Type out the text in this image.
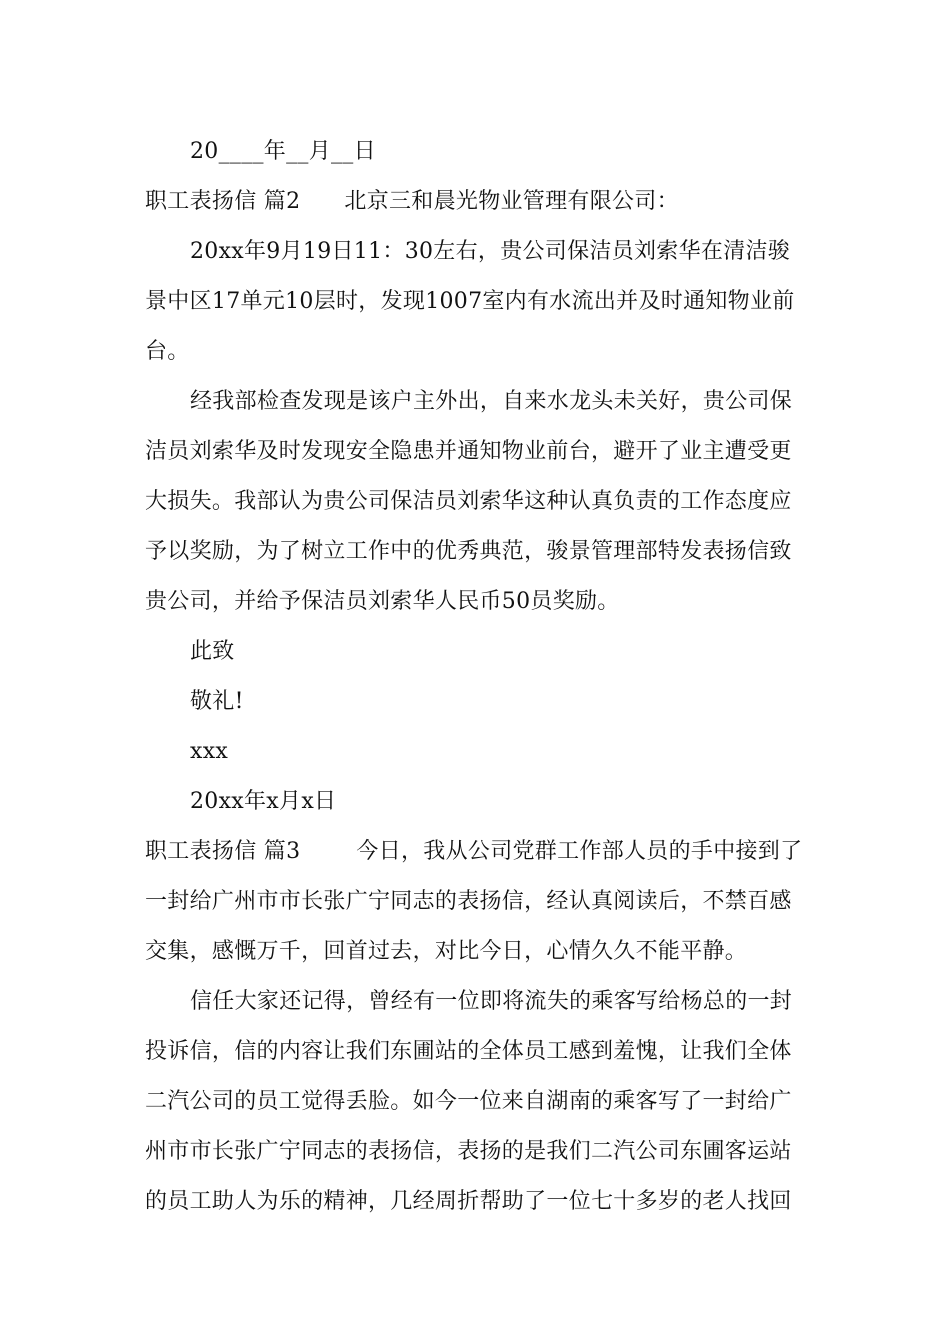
20____年__月__日
职工表扬信 篇2 北京三和晨光物业管理有限公司：
20xx年9月19日11：30左右，贵公司保洁员刘索华在清洁骏
景中区17单元10层时，发现1007室内有水流出并及时通知物业前
台。
经我部检查发现是该户主外出，自来水龙头未关好，贵公司保
洁员刘索华及时发现安全隐患并通知物业前台，避开了业主遭受更
大损失。我部认为贵公司保洁员刘索华这种认真负责的工作态度应
予以奖励，为了树立工作中的优秀典范，骏景管理部特发表扬信致
贵公司，并给予保洁员刘索华人民币50员奖励。
此致
敬礼!
xxx
20xx年x月x日
职工表扬信 篇3	今日，我从公司党群工作部人员的手中接到了
一封给广州市市长张广宁同志的表扬信，经认真阅读后，不禁百感
交集，感慨万千，回首过去，对比今日，心情久久不能平静。
信任大家还记得，曾经有一位即将流失的乘客写给杨总的一封
投诉信，信的内容让我们东圃站的全体员工感到羞愧，让我们全体
二汽公司的员工觉得丢脸。如今一位来自湖南的乘客写了一封给广
州市市长张广宁同志的表扬信，表扬的是我们二汽公司东圃客运站
的员工助人为乐的精神，几经周折帮助了一位七十多岁的老人找回
